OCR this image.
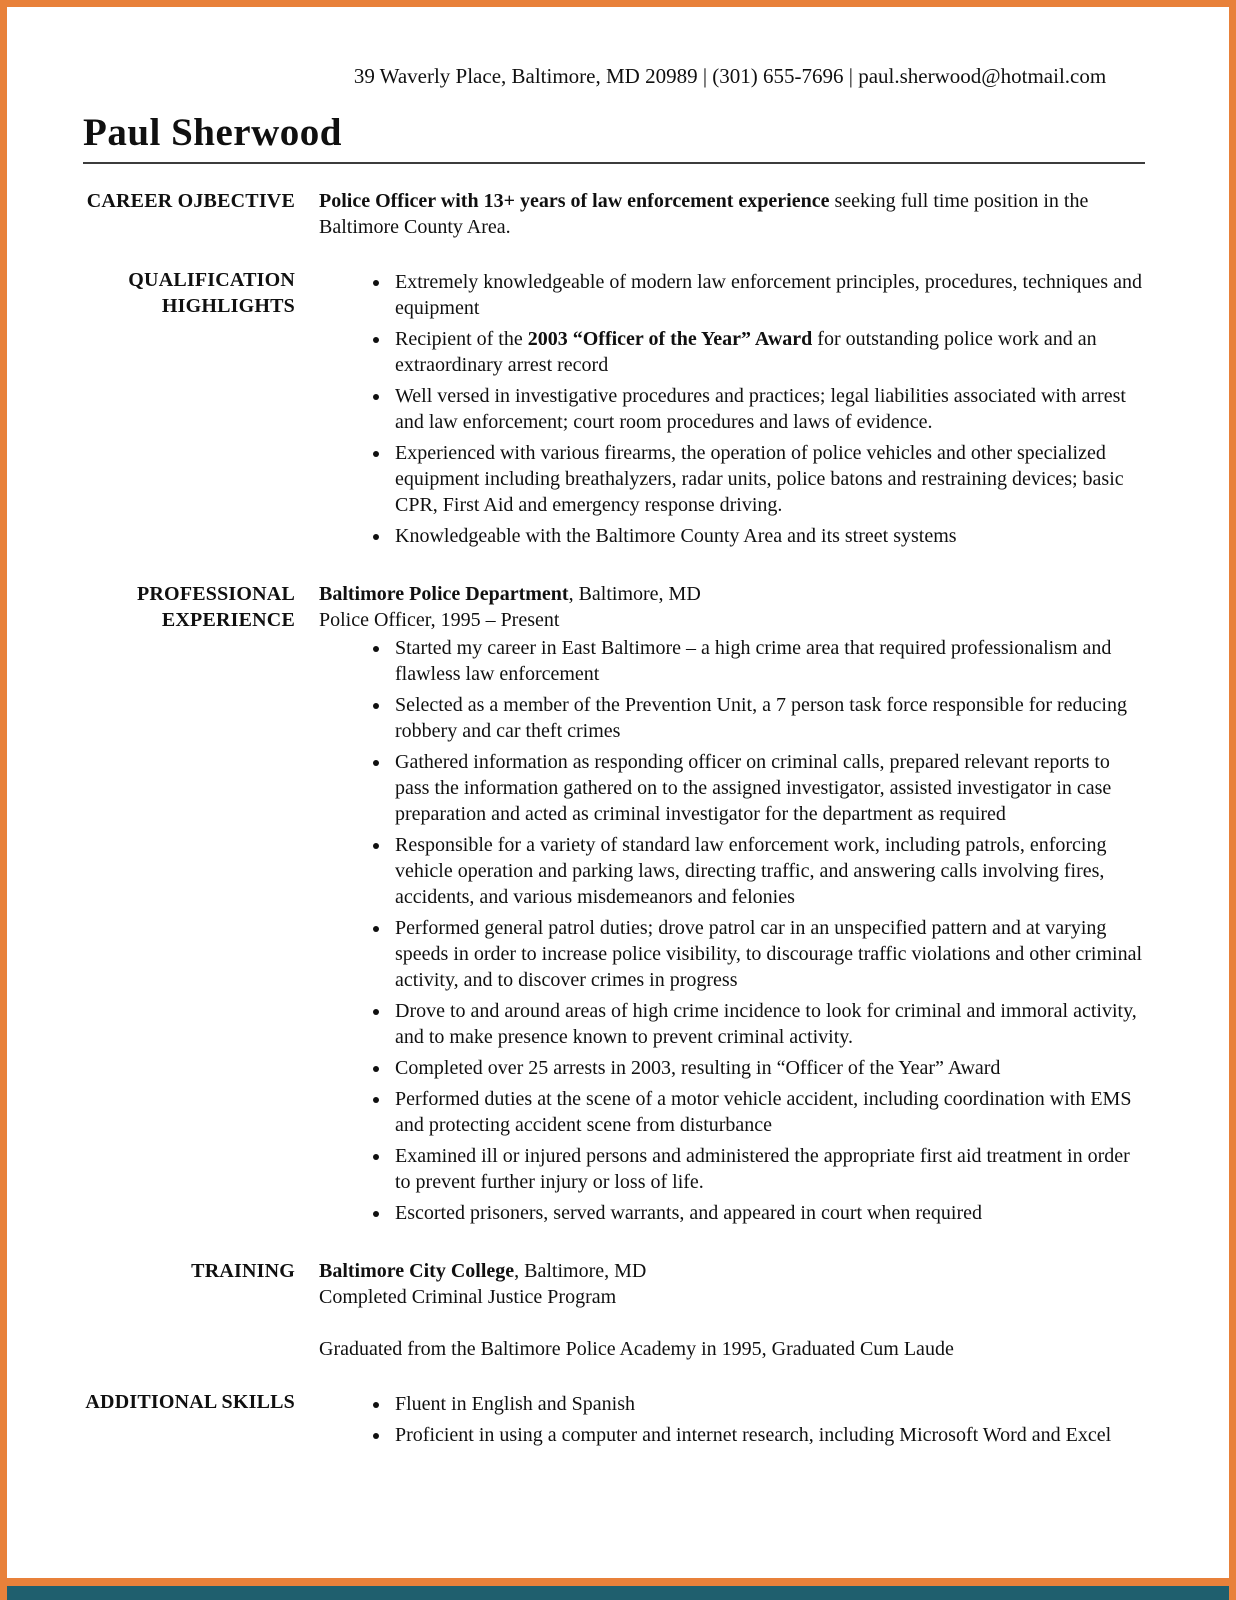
39 Waverly Place, Baltimore, MD 20989 | (301) 655-7696 | paul.sherwood@hotmail.com
Paul Sherwood
CAREER OJBECTIVE Police Officer with 13+ years of law enforcement experience seeking full time position in the Baltimore County Area.

QUALIFICATION HIGHLIGHTS
• Extremely knowledgeable of modern law enforcement principles, procedures, techniques and equipment
• Recipient of the 2003 “Officer of the Year” Award for outstanding police work and an extraordinary arrest record
• Well versed in investigative procedures and practices; legal liabilities associated with arrest and law enforcement; court room procedures and laws of evidence.
• Experienced with various firearms, the operation of police vehicles and other specialized equipment including breathalyzers, radar units, police batons and restraining devices; basic CPR, First Aid and emergency response driving.
• Knowledgeable with the Baltimore County Area and its street systems
PROFESSIONAL EXPERIENCE

Baltimore Police Department, Baltimore, MD

Police Officer, 1995 – Present

• Started my career in East Baltimore – a high crime area that required professionalism and flawless law enforcement
• Selected as a member of the Prevention Unit, a 7 person task force responsible for reducing robbery and car theft crimes
• Gathered information as responding officer on criminal calls, prepared relevant reports to pass the information gathered on to the assigned investigator, assisted investigator in case preparation and acted as criminal investigator for the department as required
• Responsible for a variety of standard law enforcement work, including patrols, enforcing vehicle operation and parking laws, directing traffic, and answering calls involving fires, accidents, and various misdemeanors and felonies
• Performed general patrol duties; drove patrol car in an unspecified pattern and at varying speeds in order to increase police visibility, to discourage traffic violations and other criminal activity, and to discover crimes in progress
• Drove to and around areas of high crime incidence to look for criminal and immoral activity, and to make presence known to prevent criminal activity.
• Completed over 25 arrests in 2003, resulting in “Officer of the Year” Award
• Performed duties at the scene of a motor vehicle accident, including coordination with EMS and protecting accident scene from disturbance
• Examined ill or injured persons and administered the appropriate first aid treatment in order to prevent further injury or loss of life.
• Escorted prisoners, served warrants, and appeared in court when required
TRAINING Baltimore City College, Baltimore, MD

Completed Criminal Justice Program

Graduated from the Baltimore Police Academy in 1995, Graduated Cum Laude

ADDITIONAL SKILLS	• Fluent in English and Spanish
• Proficient in using a computer and internet research, including Microsoft Word and Excel
